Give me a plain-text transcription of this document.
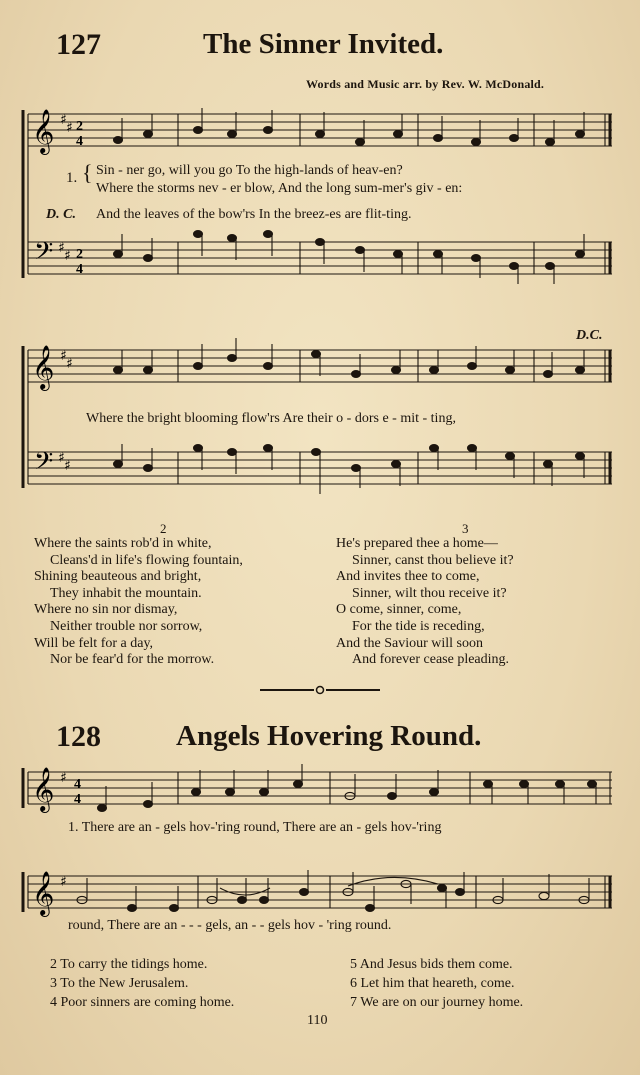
127	The Sinner Invited.
Words and Music arr. by Rev. W. McDonald.
𝄞
𝄢
♯ ♯
♯ ♯
2
4
2
4
1. { Sin - ner go, will you go To the high-lands of heav-en?
Where the storms nev - er blow, And the long sum-mer's giv - en:
D. C. And the leaves of the bow'rs In the breez-es are flit-ting.
𝄞
𝄢
♯ ♯
♯ ♯
D.C.
Where the bright blooming flow'rs Are their o - dors e - mit - ting,
2
Where the saints rob'd in white,
Cleans'd in life's flowing fountain,
Shining beauteous and bright,
They inhabit the mountain.
Where no sin nor dismay,
Neither trouble nor sorrow,
Will be felt for a day,
Nor be fear'd for the morrow.
3
He's prepared thee a home—
Sinner, canst thou believe it?
And invites thee to come,
Sinner, wilt thou receive it?
O come, sinner, come,
For the tide is receding,
And the Saviour will soon
And forever cease pleading.
128	Angels Hovering Round.
𝄞 ♯ 4
4
1. There are an - gels hov-'ring round, There are an - gels hov-'ring
𝄞 ♯
round, There are an - - - gels, an - - gels hov - 'ring round.
2 To carry the tidings home.
3 To the New Jerusalem.
4 Poor sinners are coming home.
5 And Jesus bids them come.
6 Let him that heareth, come.
7 We are on our journey home.
110
